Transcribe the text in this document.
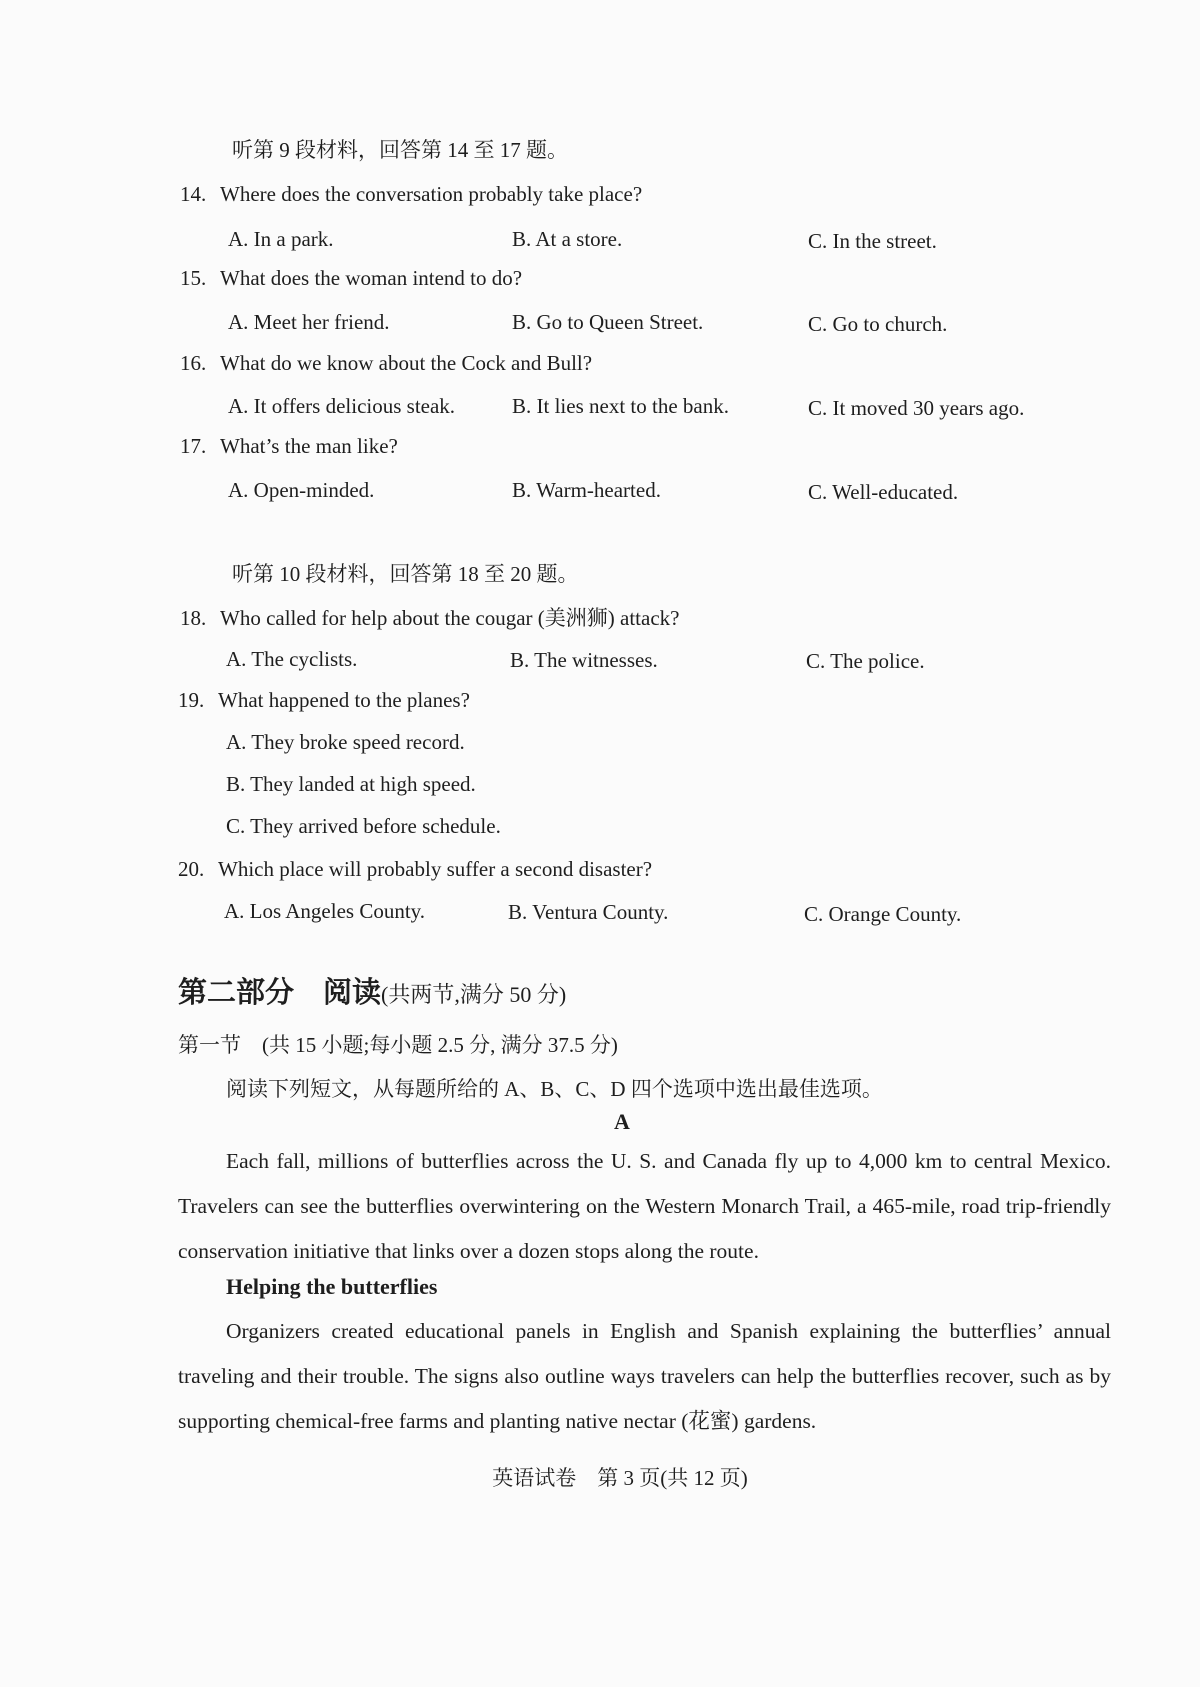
听第 9 段材料，回答第 14 至 17 题。
14. Where does the conversation probably take place?
A. In a park.	B. At a store.	C. In the street.
15. What does the woman intend to do?
A. Meet her friend.	B. Go to Queen Street.	C. Go to church.
16. What do we know about the Cock and Bull?
A. It offers delicious steak.	B. It lies next to the bank.	C. It moved 30 years ago.
17. What’s the man like?
A. Open-minded.	B. Warm-hearted.	C. Well-educated.
听第 10 段材料，回答第 18 至 20 题。
18. Who called for help about the cougar (美洲狮) attack?
A. The cyclists.	B. The witnesses.	C. The police.
19. What happened to the planes?
A. They broke speed record.
B. They landed at high speed.
C. They arrived before schedule.
20. Which place will probably suffer a second disaster?
A. Los Angeles County.	B. Ventura County.	C. Orange County.
第二部分　阅读(共两节,满分 50 分)
第一节　(共 15 小题;每小题 2.5 分, 满分 37.5 分)
阅读下列短文，从每题所给的 A、B、C、D 四个选项中选出最佳选项。
A
Each fall, millions of butterflies across the U. S. and Canada fly up to 4,000 km to central Mexico. Travelers can see the butterflies overwintering on the Western Monarch Trail, a 465-mile, road trip-friendly conservation initiative that links over a dozen stops along the route.
Helping the butterflies
Organizers created educational panels in English and Spanish explaining the butterflies’ annual traveling and their trouble. The signs also outline ways travelers can help the butterflies recover, such as by supporting chemical-free farms and planting native nectar (花蜜) gardens.
英语试卷　第 3 页(共 12 页)
